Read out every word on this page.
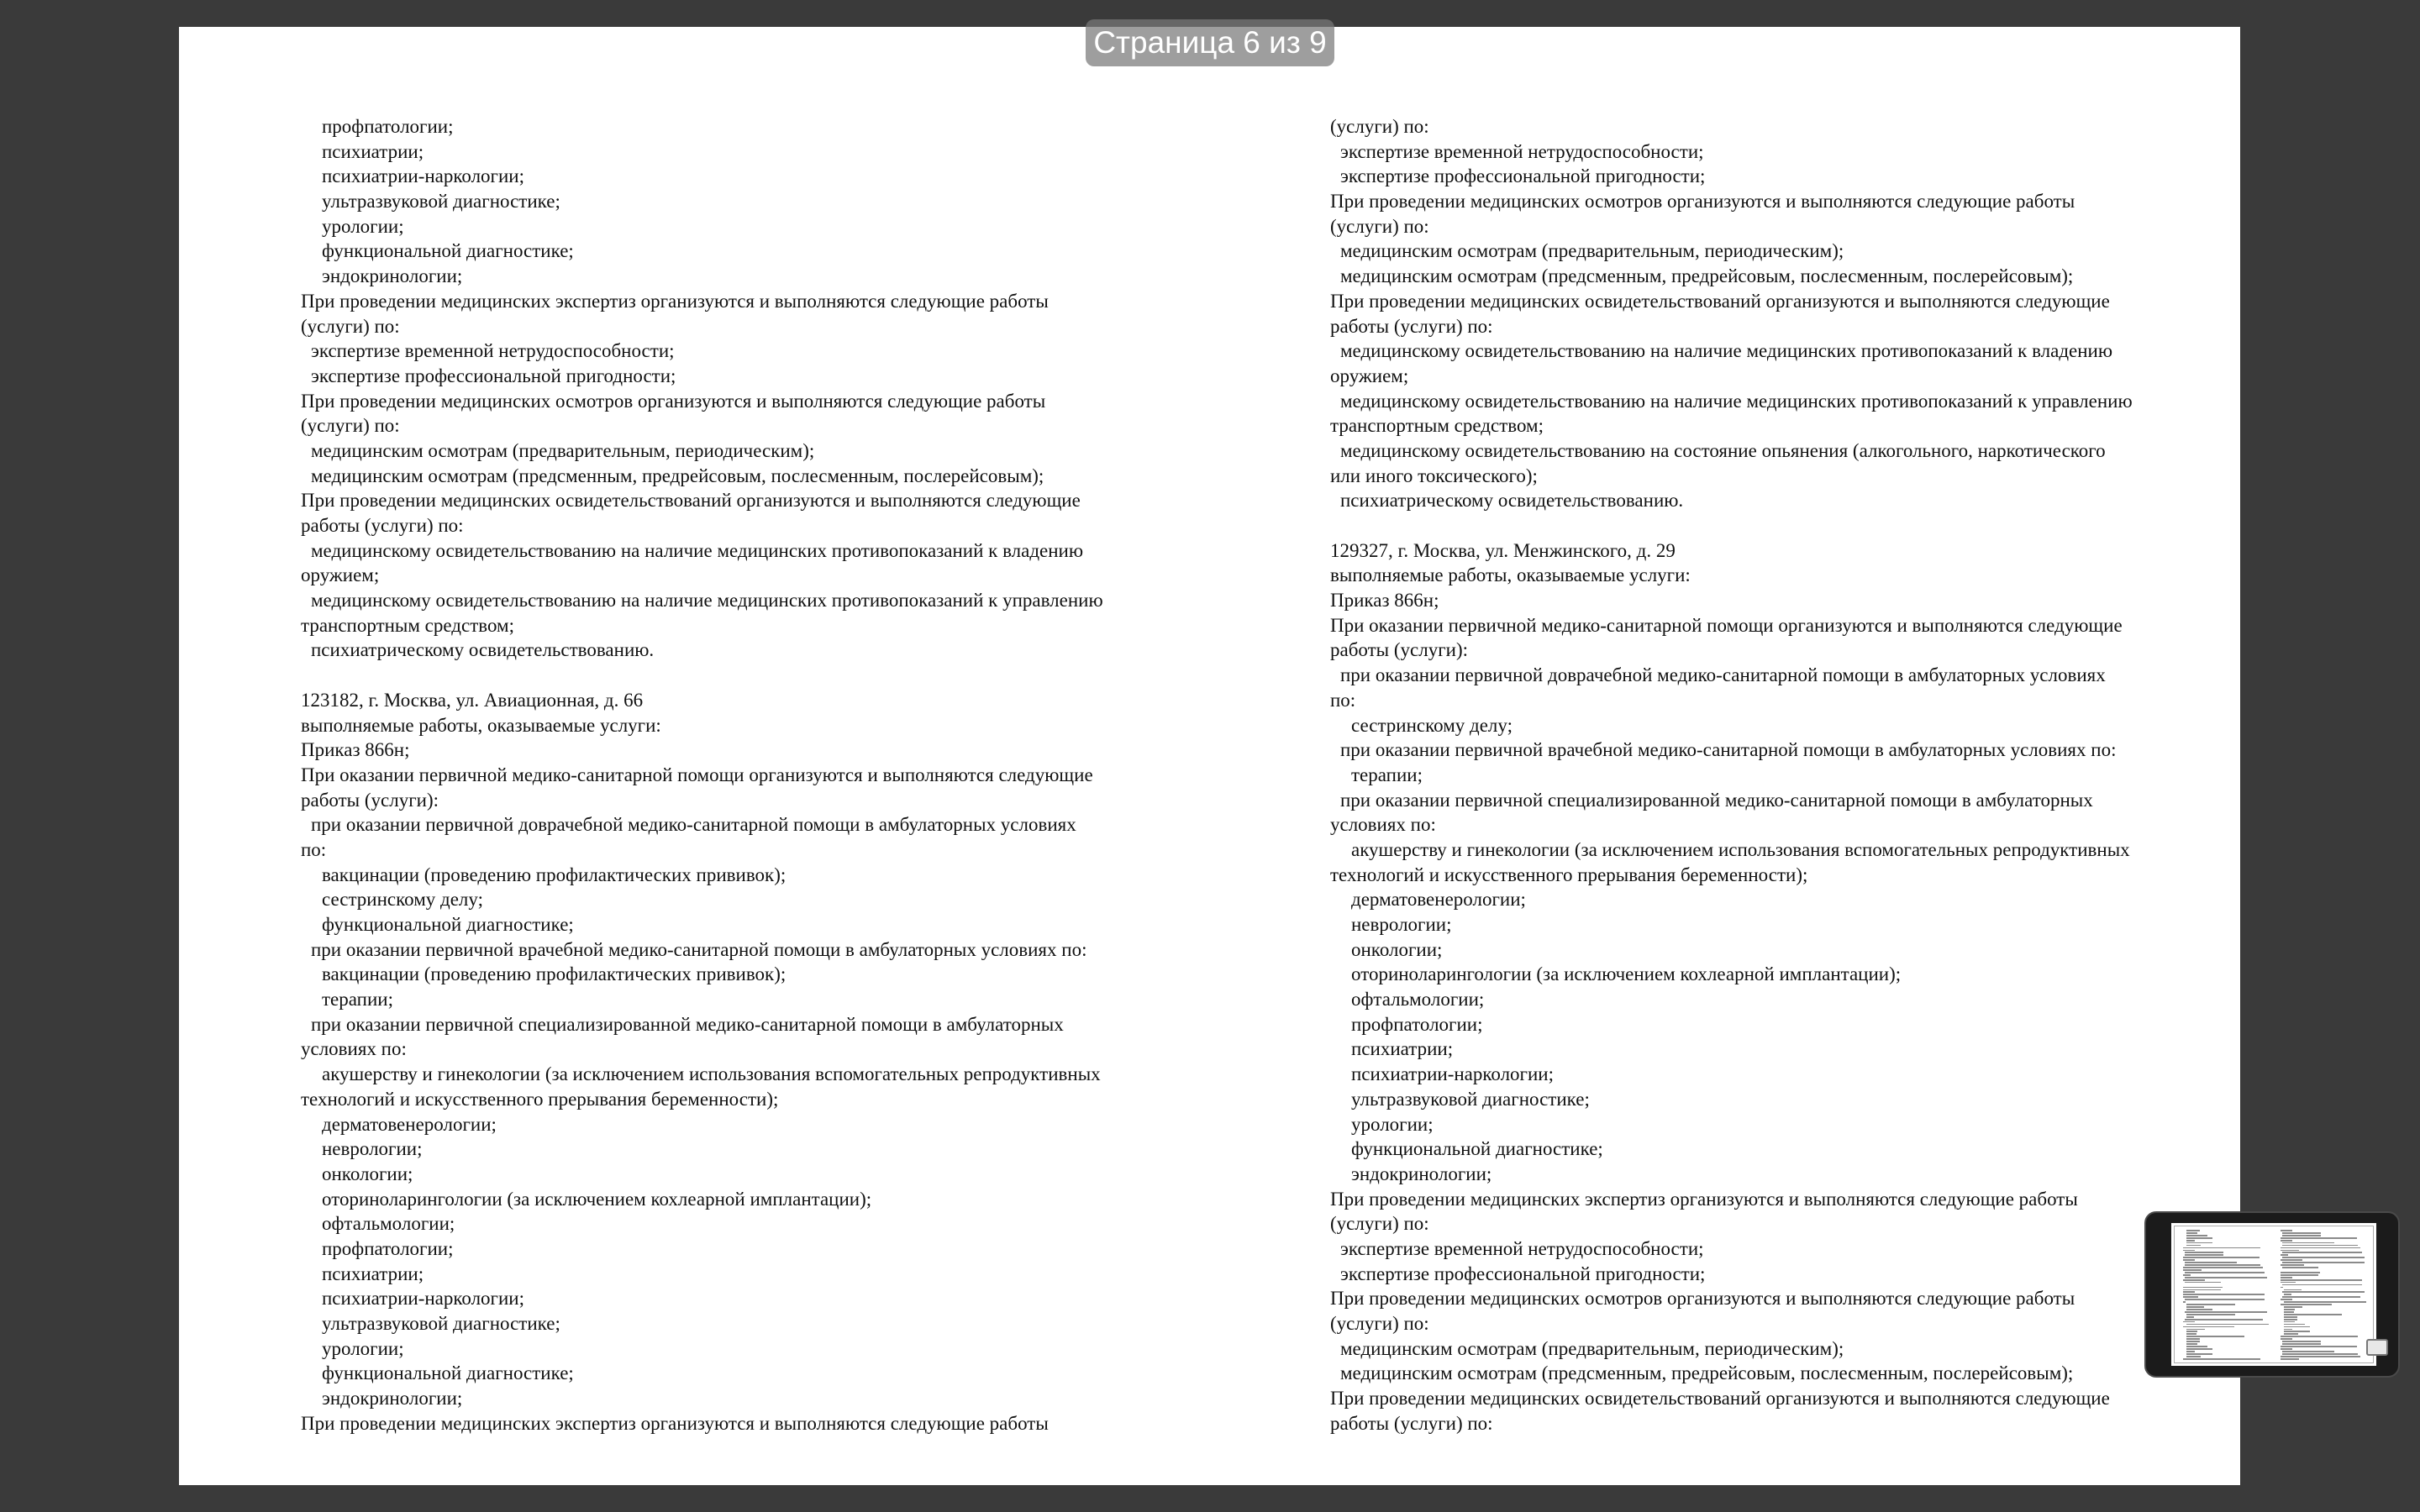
профпатологии;
психиатрии;
психиатрии-наркологии;
ультразвуковой диагностике;
урологии;
функциональной диагностике;
эндокринологии;
При проведении медицинских экспертиз организуются и выполняются следующие работы
(услуги) по:
экспертизе временной нетрудоспособности;
экспертизе профессиональной пригодности;
При проведении медицинских осмотров организуются и выполняются следующие работы
(услуги) по:
медицинским осмотрам (предварительным, периодическим);
медицинским осмотрам (предсменным, предрейсовым, послесменным, послерейсовым);
При проведении медицинских освидетельствований организуются и выполняются следующие
работы (услуги) по:
медицинскому освидетельствованию на наличие медицинских противопоказаний к владению
оружием;
медицинскому освидетельствованию на наличие медицинских противопоказаний к управлению
транспортным средством;
психиатрическому освидетельствованию.
123182, г. Москва, ул. Авиационная, д. 66
выполняемые работы, оказываемые услуги:
Приказ 866н;
При оказании первичной медико-санитарной помощи организуются и выполняются следующие
работы (услуги):
при оказании первичной доврачебной медико-санитарной помощи в амбулаторных условиях
по:
вакцинации (проведению профилактических прививок);
сестринскому делу;
функциональной диагностике;
при оказании первичной врачебной медико-санитарной помощи в амбулаторных условиях по:
вакцинации (проведению профилактических прививок);
терапии;
при оказании первичной специализированной медико-санитарной помощи в амбулаторных
условиях по:
акушерству и гинекологии (за исключением использования вспомогательных репродуктивных
технологий и искусственного прерывания беременности);
дерматовенерологии;
неврологии;
онкологии;
оториноларингологии (за исключением кохлеарной имплантации);
офтальмологии;
профпатологии;
психиатрии;
психиатрии-наркологии;
ультразвуковой диагностике;
урологии;
функциональной диагностике;
эндокринологии;
При проведении медицинских экспертиз организуются и выполняются следующие работы
(услуги) по:
экспертизе временной нетрудоспособности;
экспертизе профессиональной пригодности;
При проведении медицинских осмотров организуются и выполняются следующие работы
(услуги) по:
медицинским осмотрам (предварительным, периодическим);
медицинским осмотрам (предсменным, предрейсовым, послесменным, послерейсовым);
При проведении медицинских освидетельствований организуются и выполняются следующие
работы (услуги) по:
медицинскому освидетельствованию на наличие медицинских противопоказаний к владению
оружием;
медицинскому освидетельствованию на наличие медицинских противопоказаний к управлению
транспортным средством;
медицинскому освидетельствованию на состояние опьянения (алкогольного, наркотического
или иного токсического);
психиатрическому освидетельствованию.
129327, г. Москва, ул. Менжинского, д. 29
выполняемые работы, оказываемые услуги:
Приказ 866н;
При оказании первичной медико-санитарной помощи организуются и выполняются следующие
работы (услуги):
при оказании первичной доврачебной медико-санитарной помощи в амбулаторных условиях
по:
сестринскому делу;
при оказании первичной врачебной медико-санитарной помощи в амбулаторных условиях по:
терапии;
при оказании первичной специализированной медико-санитарной помощи в амбулаторных
условиях по:
акушерству и гинекологии (за исключением использования вспомогательных репродуктивных
технологий и искусственного прерывания беременности);
дерматовенерологии;
неврологии;
онкологии;
оториноларингологии (за исключением кохлеарной имплантации);
офтальмологии;
профпатологии;
психиатрии;
психиатрии-наркологии;
ультразвуковой диагностике;
урологии;
функциональной диагностике;
эндокринологии;
При проведении медицинских экспертиз организуются и выполняются следующие работы
(услуги) по:
экспертизе временной нетрудоспособности;
экспертизе профессиональной пригодности;
При проведении медицинских осмотров организуются и выполняются следующие работы
(услуги) по:
медицинским осмотрам (предварительным, периодическим);
медицинским осмотрам (предсменным, предрейсовым, послесменным, послерейсовым);
При проведении медицинских освидетельствований организуются и выполняются следующие
работы (услуги) по:
Страница 6 из 9
